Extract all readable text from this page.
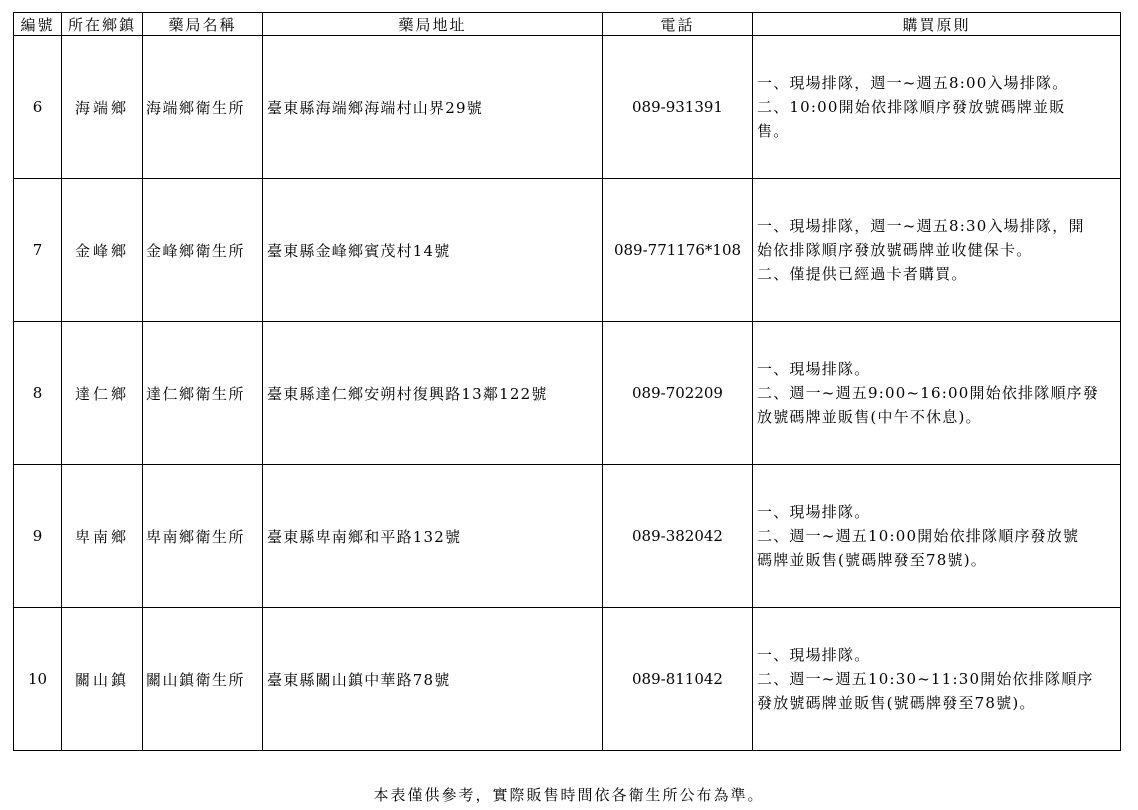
編號	所在鄉鎮	藥局名稱	藥局地址	電話	購買原則
6	海端鄉	海端鄉衛生所	臺東縣海端鄉海端村山界29號	089-931391	一、現場排隊，週一~週五8:00入場排隊。
二、10:00開始依排隊順序發放號碼牌並販
售。

7	金峰鄉	金峰鄉衛生所	臺東縣金峰鄉賓茂村14號	089-771176*108	一、現場排隊，週一~週五8:30入場排隊，開
始依排隊順序發放號碼牌並收健保卡。
二、僅提供已經過卡者購買。

8	達仁鄉	達仁鄉衛生所	臺東縣達仁鄉安朔村復興路13鄰122號	089-702209	一、現場排隊。
二、週一~週五9:00~16:00開始依排隊順序發
放號碼牌並販售(中午不休息)。

9	卑南鄉	卑南鄉衛生所	臺東縣卑南鄉和平路132號	089-382042	一、現場排隊。
二、週一~週五10:00開始依排隊順序發放號
碼牌並販售(號碼牌發至78號)。

10	關山鎮	關山鎮衛生所	臺東縣關山鎮中華路78號	089-811042	一、現場排隊。
二、週一~週五10:30~11:30開始依排隊順序
發放號碼牌並販售(號碼牌發至78號)。
本表僅供參考，實際販售時間依各衛生所公布為準。
